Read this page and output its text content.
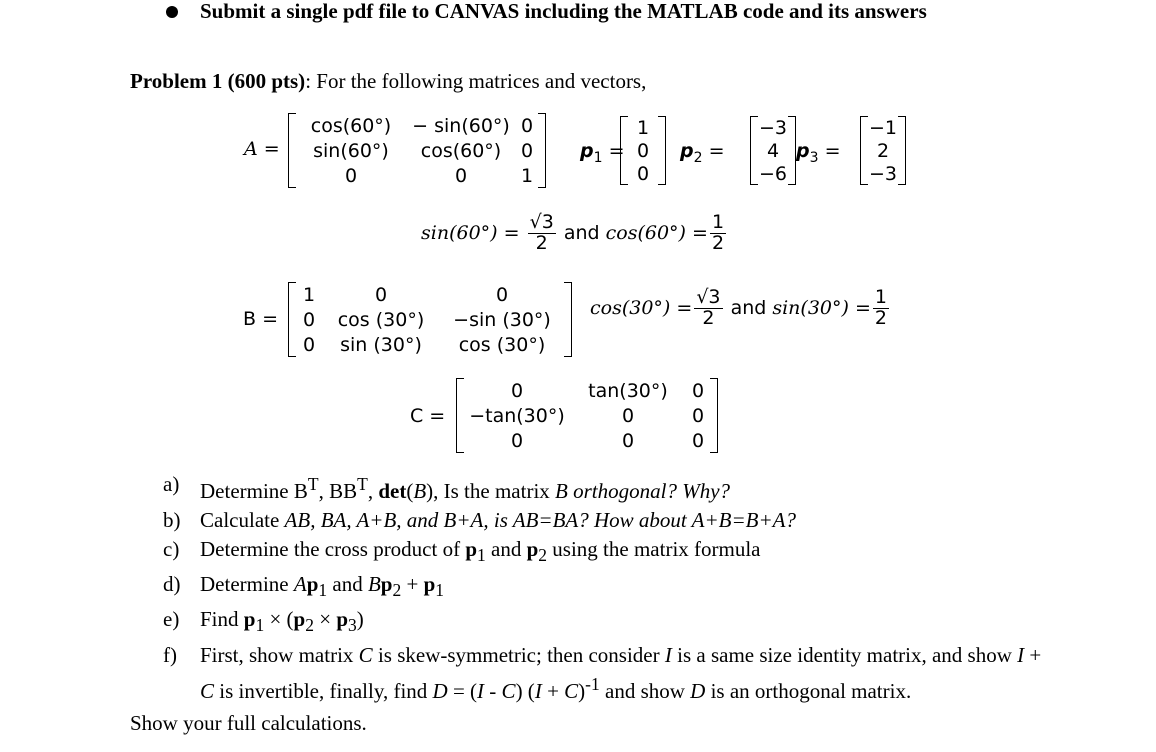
Submit a single pdf file to CANVAS including the MATLAB code and its answers
Problem 1 (600 pts): For the following matrices and vectors,
A =
cos(60°)	− sin(60°) 0
sin(60°)	cos(60°)	0
0	0	1
$p_1$ =
1
0
0
$p_2$ =
−3
4
−6
$p_3$ =
−1
2
−3
sin(60°)
=
$\frac{√3}{2}$
and
cos(60°)
= $\frac{1}{2}$
B =
1	0	0
0	cos (30°)	−sin (30°)
0	sin (30°)	cos (30°)
cos(30°)
= $\frac{√3}{2}$
and
sin(30°)
= $\frac{1}{2}$
C =
0	tan(30°)	0
−tan(30°)	0	0
0	0	0
a) Determine $B^T$, $BB^T$, det(B), Is the matrix B orthogonal? Why?
b) Calculate AB, BA, A+B, and B+A, is AB=BA? How about A+B=B+A?
c) Determine the cross product of $p_1$ and $p_2$ using the matrix formula
d) Determine $Ap_1$ and $Bp_2 + p_1$
e) Find $p_1 \times (p_2 \times p_3)$
f)	First, show matrix C is skew-symmetric; then consider I is a same size identity matrix, and show I + C is invertible, finally, find D = (I - C) $(I + C)^{-1}$ and show D is an orthogonal matrix.
Show your full calculations.
